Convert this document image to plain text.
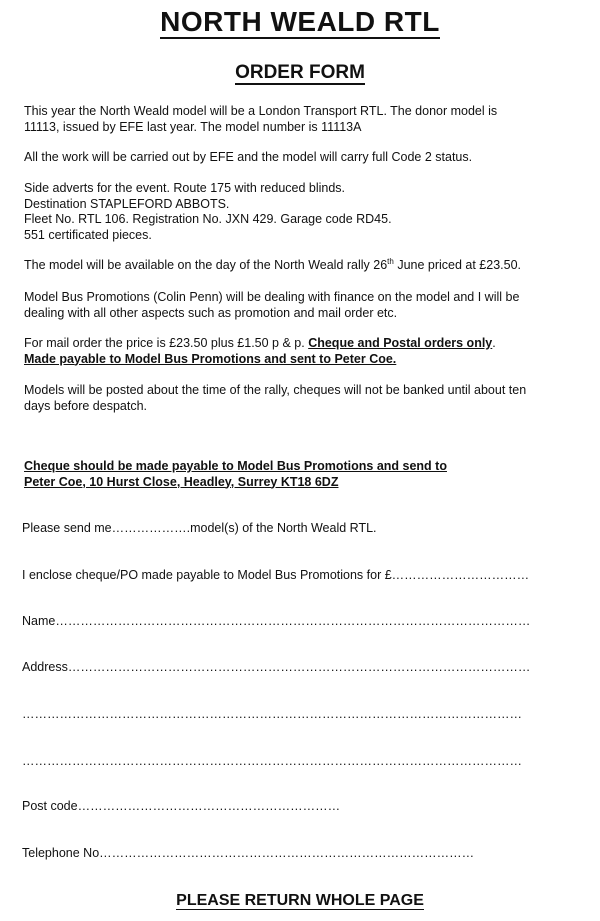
NORTH WEALD RTL
ORDER FORM
This year the North Weald model will be a London Transport RTL. The donor model is
11113, issued by EFE last year. The model number is 11113A
All the work will be carried out by EFE and the model will carry full Code 2 status.
Side adverts for the event. Route 175 with reduced blinds.
Destination STAPLEFORD ABBOTS.
Fleet No. RTL 106. Registration No. JXN 429. Garage code RD45.
551 certificated pieces.
The model will be available on the day of the North Weald rally 26th June priced at £23.50.
Model Bus Promotions (Colin Penn) will be dealing with finance on the model and I will be
dealing with all other aspects such as promotion and mail order etc.
For mail order the price is £23.50 plus £1.50 p & p. Cheque and Postal orders only.
Made payable to Model Bus Promotions and sent to Peter Coe.
Models will be posted about the time of the rally, cheques will not be banked until about ten
days before despatch.
Cheque should be made payable to Model Bus Promotions and send to
Peter Coe, 10 Hurst Close, Headley, Surrey KT18 6DZ
Please send me……………….model(s) of the North Weald RTL.
I enclose cheque/PO made payable to Model Bus Promotions for £……………………………
Name……………………………………………………………………………………………………
Address…………………………………………………………………………………………………
…………………………………………………………………………………………………………
…………………………………………………………………………………………………………
Post code………………………………………………………
Telephone No………………………………………………………………………………
PLEASE RETURN WHOLE PAGE
